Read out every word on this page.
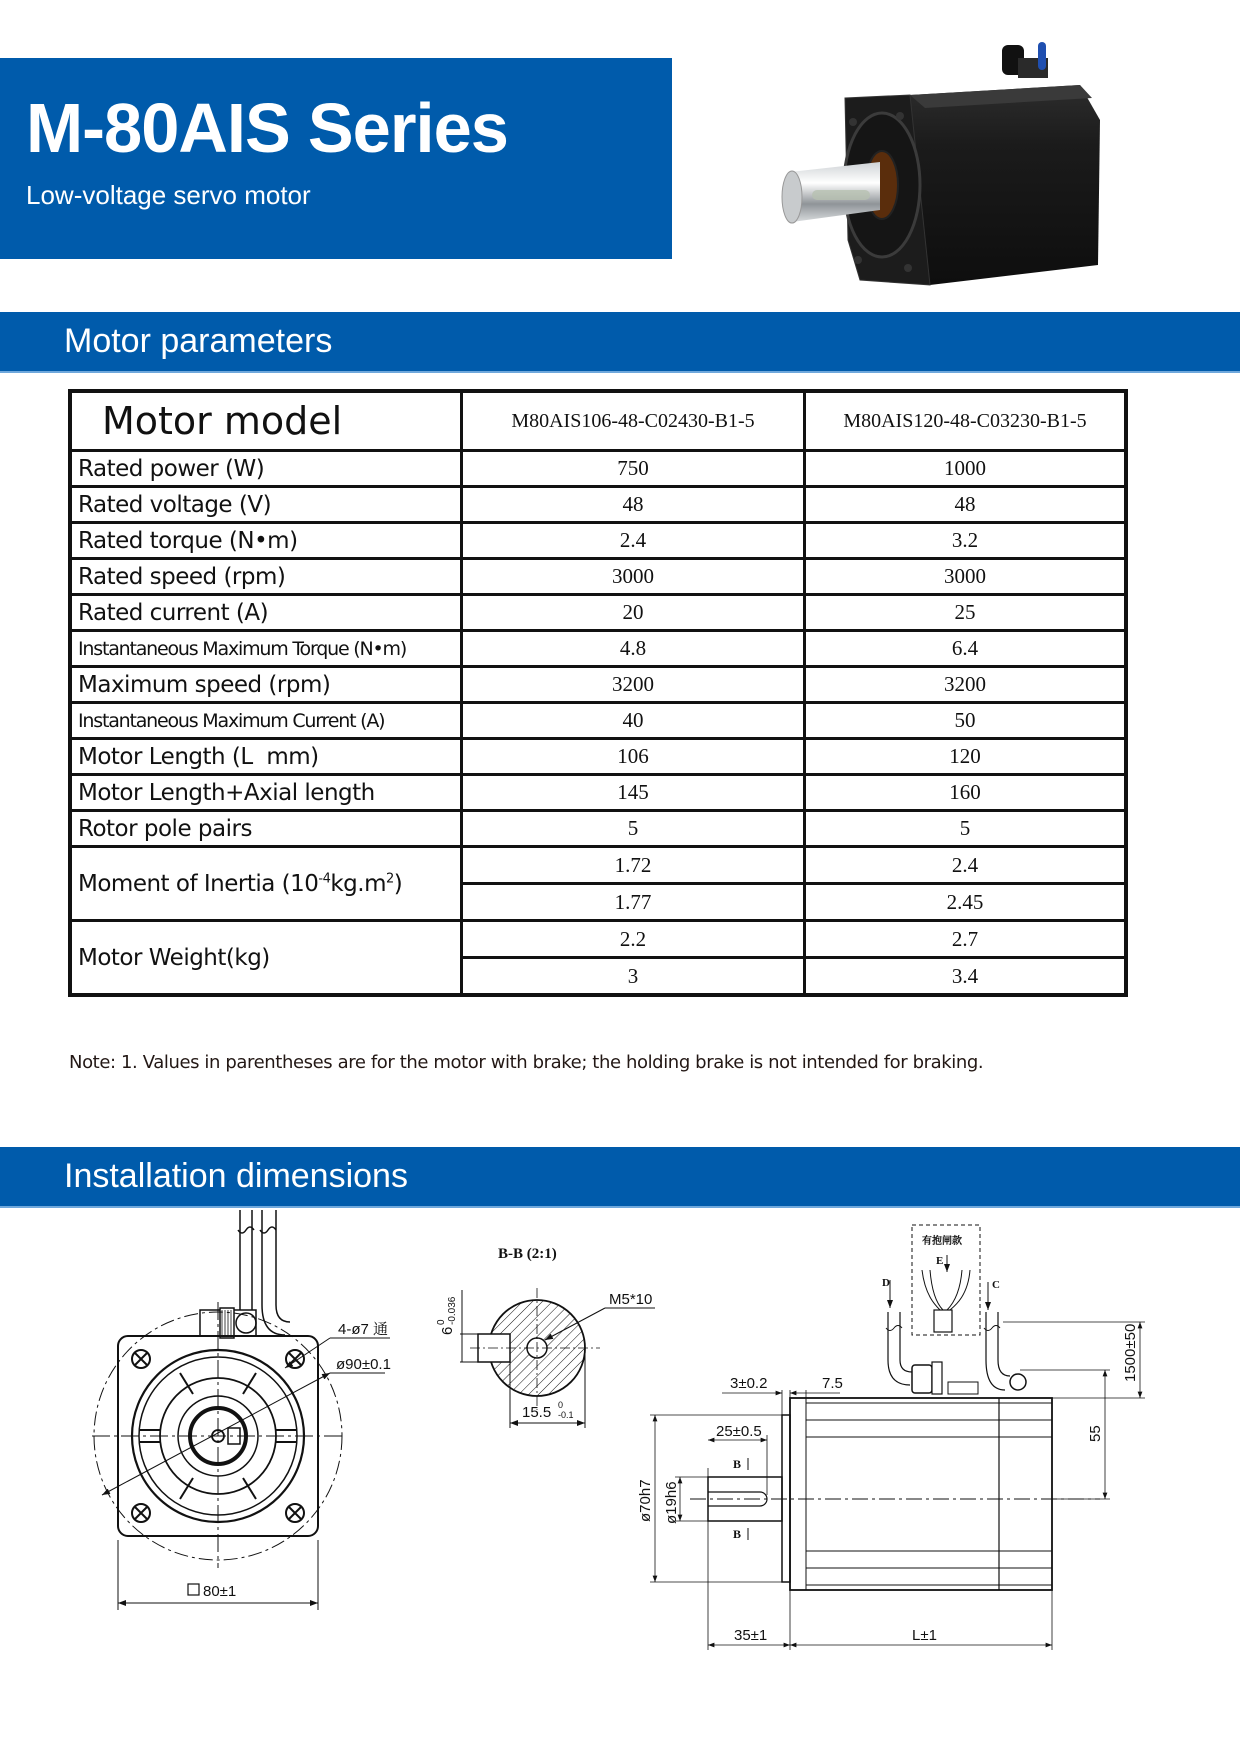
M-80AIS Series
Low-voltage servo motor
Motor parameters
Motor model	M80AIS106-48-C02430-B1-5	M80AIS120-48-C03230-B1-5
Rated power (W)	750	1000
Rated voltage (V)	48	48
Rated torque (N•m)	2.4	3.2
Rated speed (rpm)	3000	3000
Rated current (A)	20	25
Instantaneous Maximum Torque (N•m)	4.8	6.4
Maximum speed (rpm)	3200	3200
Instantaneous Maximum Current (A)	40	50
Motor Length (L  mm)	106	120
Motor Length+Axial length	145	160
Rotor pole pairs	5	5
Moment of Inertia $(10^{-4}kg.m^2)$	1.72	2.4
	1.77	2.45
Motor Weight(kg)	2.2	2.7
	3	3.4
Note: 1. Values in parentheses are for the motor with brake; the holding brake is not intended for braking.
Installation dimensions
4-ø7 通
ø90±0.1
80±1
B-B (2:1)
M5*10
6
0 -0.036
15.5 0
-0.1
有抱闸款
E
D	C
B
B
3±0.2	7.5
25±0.5
ø70h7 ø19h6
35±1	L±1
1500±50
55
